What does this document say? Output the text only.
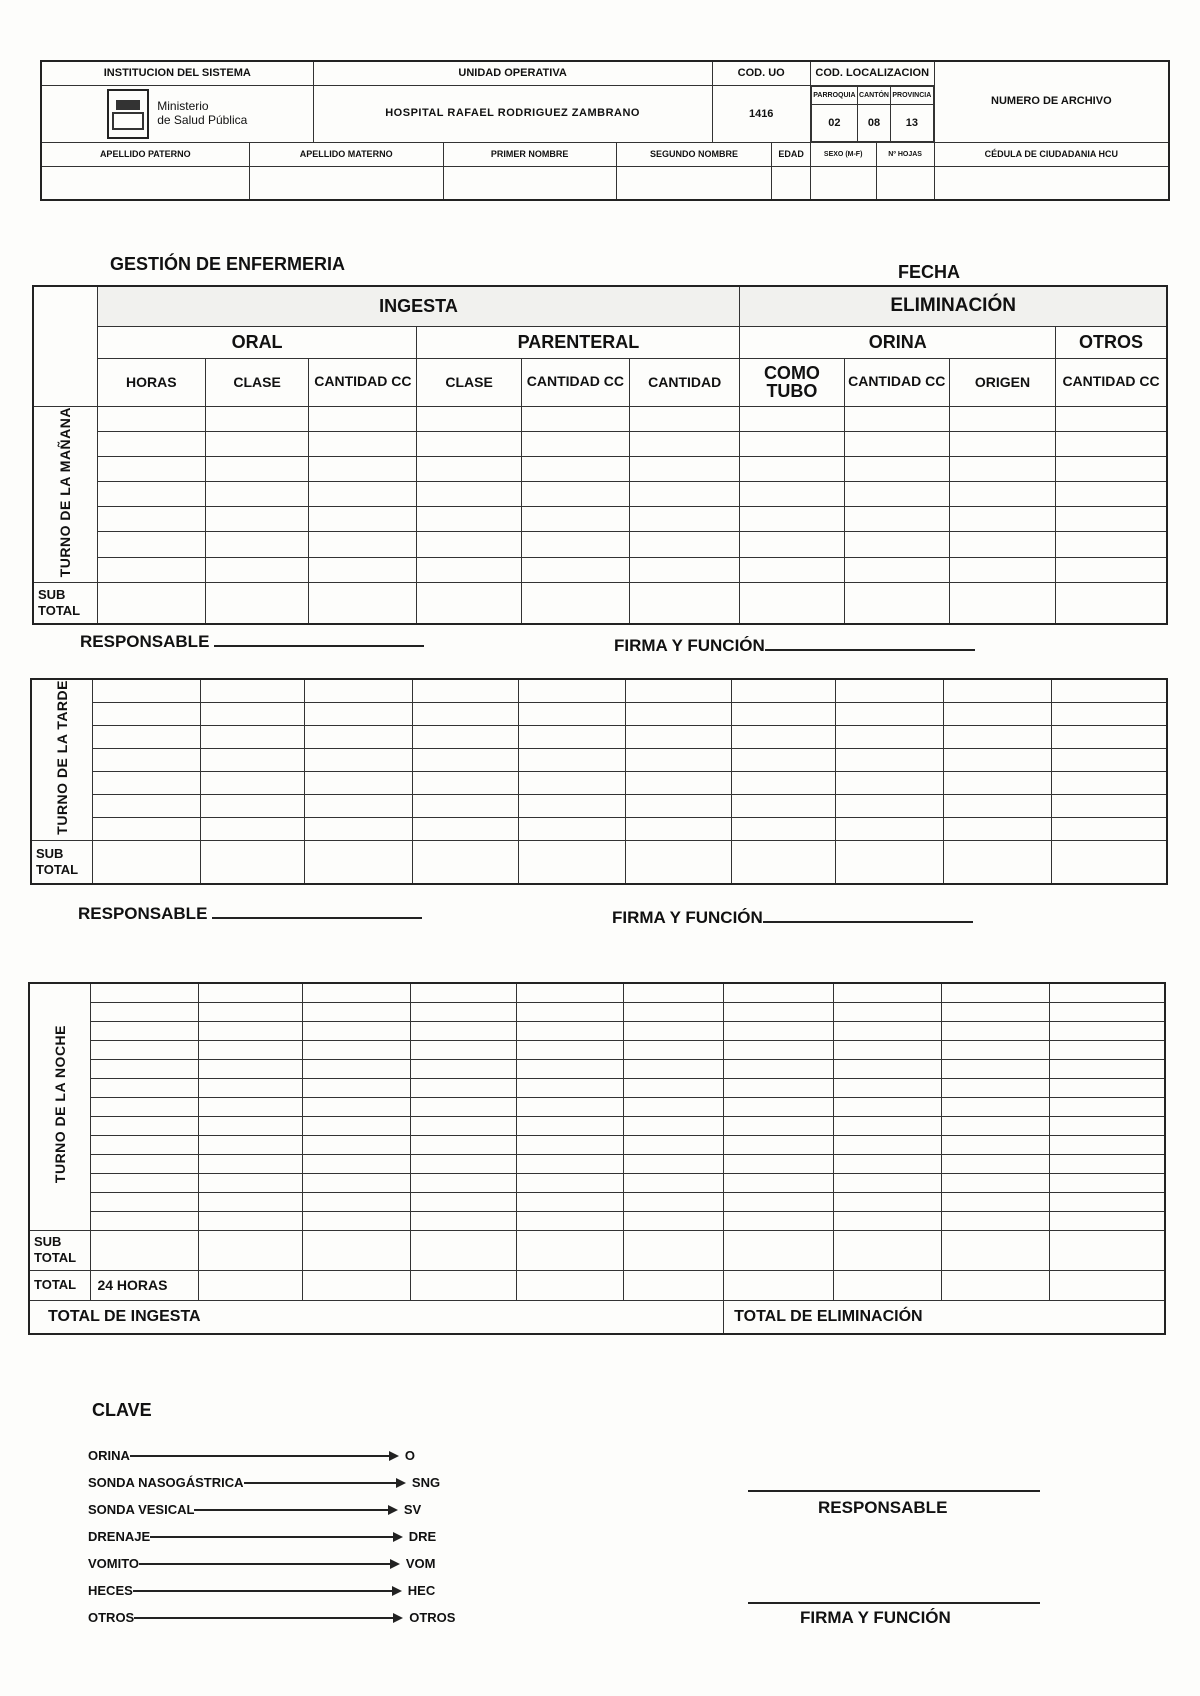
INSTITUCION DEL SISTEMA	UNIDAD OPERATIVA	COD. UO	COD. LOCALIZACION	NUMERO DE ARCHIVO

Ministerio
de Salud Pública	HOSPITAL RAFAEL RODRIGUEZ ZAMBRANO	1416	
PARROQUIA	CANTÓN	PROVINCIA
02	08	13

APELLIDO PATERNO	APELLIDO MATERNO	PRIMER NOMBRE	SEGUNDO NOMBRE	EDAD	SEXO (M-F)	Nº HOJAS	CÉDULA DE CIUDADANIA HCU

GESTIÓN DE ENFERMERIA	FECHA
	INGESTA						ELIMINACIÓN			
	ORAL			PARENTERAL			ORINA			OTROS
	HORAS	CLASE	CANTIDAD CC	CLASE	CANTIDAD CC	CANTIDAD	COMO TUBO	CANTIDAD CC	ORIGEN	CANTIDAD CC
TURNO DE LA MAÑANA										

SUB TOTAL										
RESPONSABLE	FIRMA Y FUNCIÓN
TURNO DE LA TARDE										

SUB TOTAL										
RESPONSABLE	FIRMA Y FUNCIÓN
TURNO DE LA NOCHE										

SUB TOTAL										
TOTAL	24 HORAS									
TOTAL DE INGESTA							TOTAL DE ELIMINACIÓN			
CLAVE
ORINA	O
SONDA NASOGÁSTRICA	SNG
SONDA VESICAL	SV
DRENAJE	DRE
VOMITO	VOM
HECES	HEC
OTROS	OTROS
RESPONSABLE
FIRMA Y FUNCIÓN
